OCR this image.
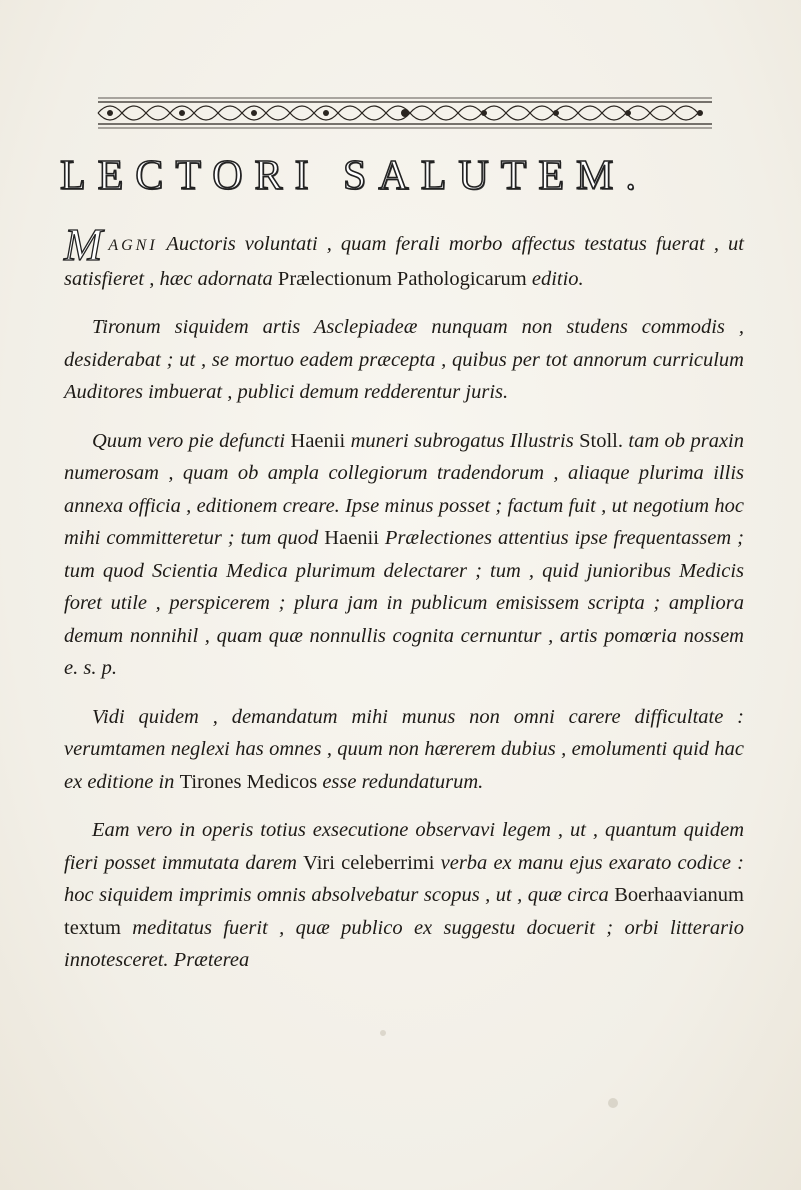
LECTORI SALUTEM.

MAGNI Auctoris voluntati , quam ferali morbo affectus testatus fuerat , ut satisfieret , hæc adornata Prælectionum Pathologicarum editio.

Tironum siquidem artis Asclepiadeæ nunquam non studens commodis , desiderabat ; ut , se mortuo eadem præcepta , quibus per tot annorum curriculum Auditores imbuerat , publici demum redderentur juris.

Quum vero pie defuncti Haenii muneri subrogatus Illustris Stoll. tam ob praxin numerosam , quam ob ampla collegiorum tradendorum , aliaque plurima illis annexa officia , editionem creare. Ipse minus posset ; factum fuit , ut negotium hoc mihi committeretur ; tum quod Haenii Prælectiones attentius ipse frequentassem ; tum quod Scientia Medica plurimum delectarer ; tum , quid junioribus Medicis foret utile , perspicerem ; plura jam in publicum emisissem scripta ; ampliora demum nonnihil , quam quæ nonnullis cognita cernuntur , artis pomœria nossem e. s. p.

Vidi quidem , demandatum mihi munus non omni carere difficultate : verumtamen neglexi has omnes , quum non hærerem dubius , emolumenti quid hac ex editione in Tirones Medicos esse redundaturum.

Eam vero in operis totius exsecutione observavi legem , ut , quantum quidem fieri posset immutata darem Viri celeberrimi verba ex manu ejus exarato codice : hoc siquidem imprimis omnis absolvebatur scopus , ut , quæ circa Boerhaavianum textum meditatus fuerit , quæ publico ex suggestu docuerit ; orbi litterario innotesceret. Præterea
